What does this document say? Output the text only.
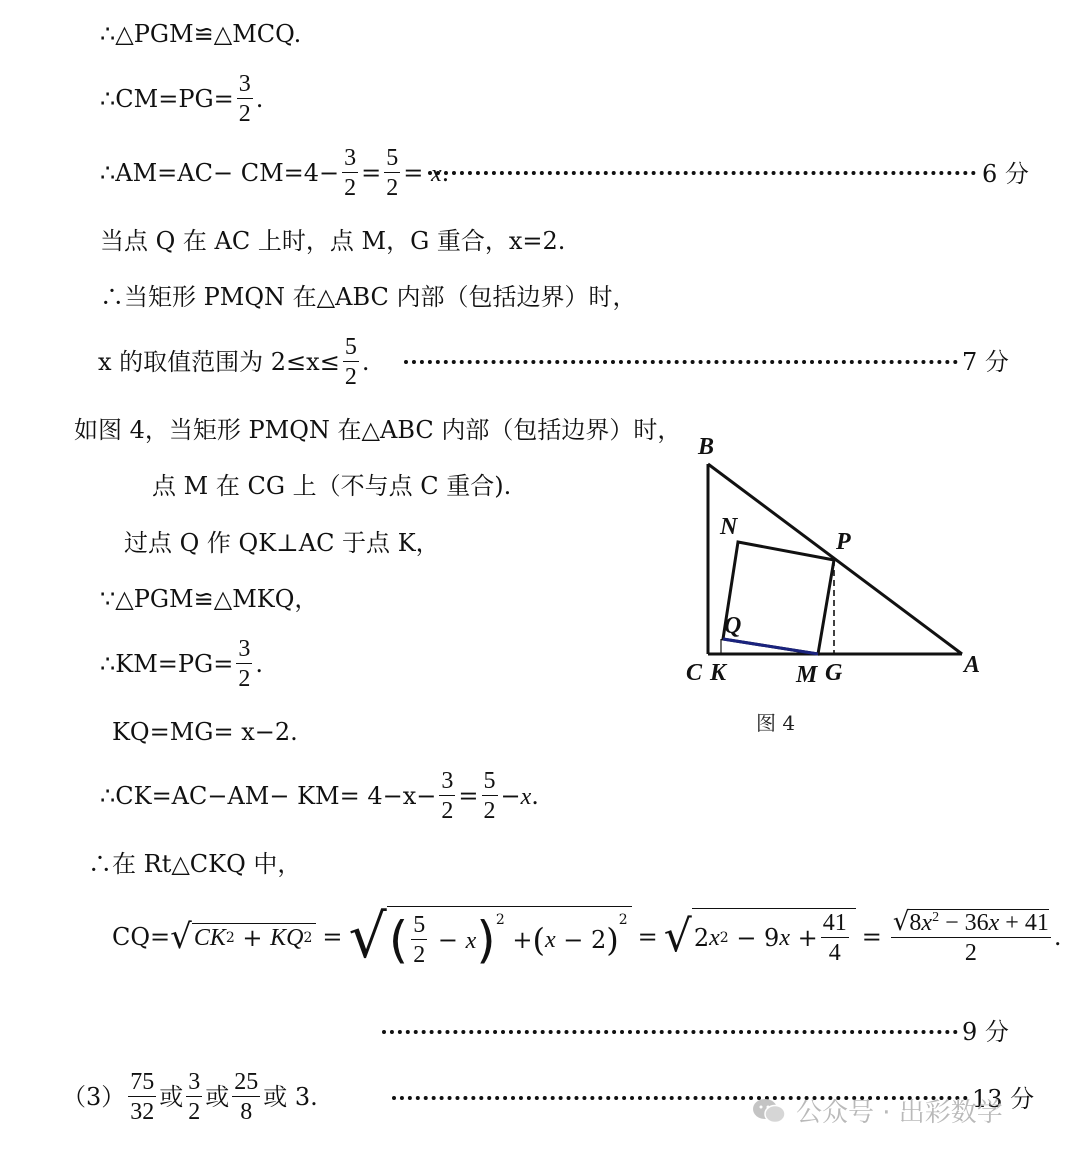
∴△PGM≌△MCQ.
∴CM=PG= $\frac{3}{2}$ .
∴AM=AC− $CM=4- \frac{3}{2} = \frac{5}{2} = x$.	6 分
当点 Q 在 AC 上时，点 M，G 重合，x=2.
∴当矩形 PMQN 在△ABC 内部（包括边界）时，
x 的取值范围为 $2\le x\le \frac{5}{2}$ .	7 分
如图 4，当矩形 PMQN 在△ABC 内部（包括边界）时，
点 M 在 CG 上（不与点 C 重合).
过点 Q 作 QK⊥AC 于点 K，
∵△PGM≌△MKQ，
∴KM=PG= $\frac{3}{2}$ .
KQ=MG= x−2.
∴CK=AC−AM− $KM= 4-x- \frac{3}{2} = \frac{5}{2} -x$.
∴在 Rt△CKQ 中，
CQ= √ CK 2 + KQ 2 = √ ( $\frac{5}{2} - x$ )$^2$
+ ( x − 2 )
$^2$
= √ 2 x 2 − 9 $x + \frac{41}{4} = \frac{√ 8x^2 - 36x + 41}{2}$ .
9 分
$(3) \frac{75}{32}$ 或 $\frac{3}{2}$ 或 $\frac{25}{8}$ 或 3.	13 分
B
N
P
Q
C K	M G	A
图 4
公众号 · 出彩数学
